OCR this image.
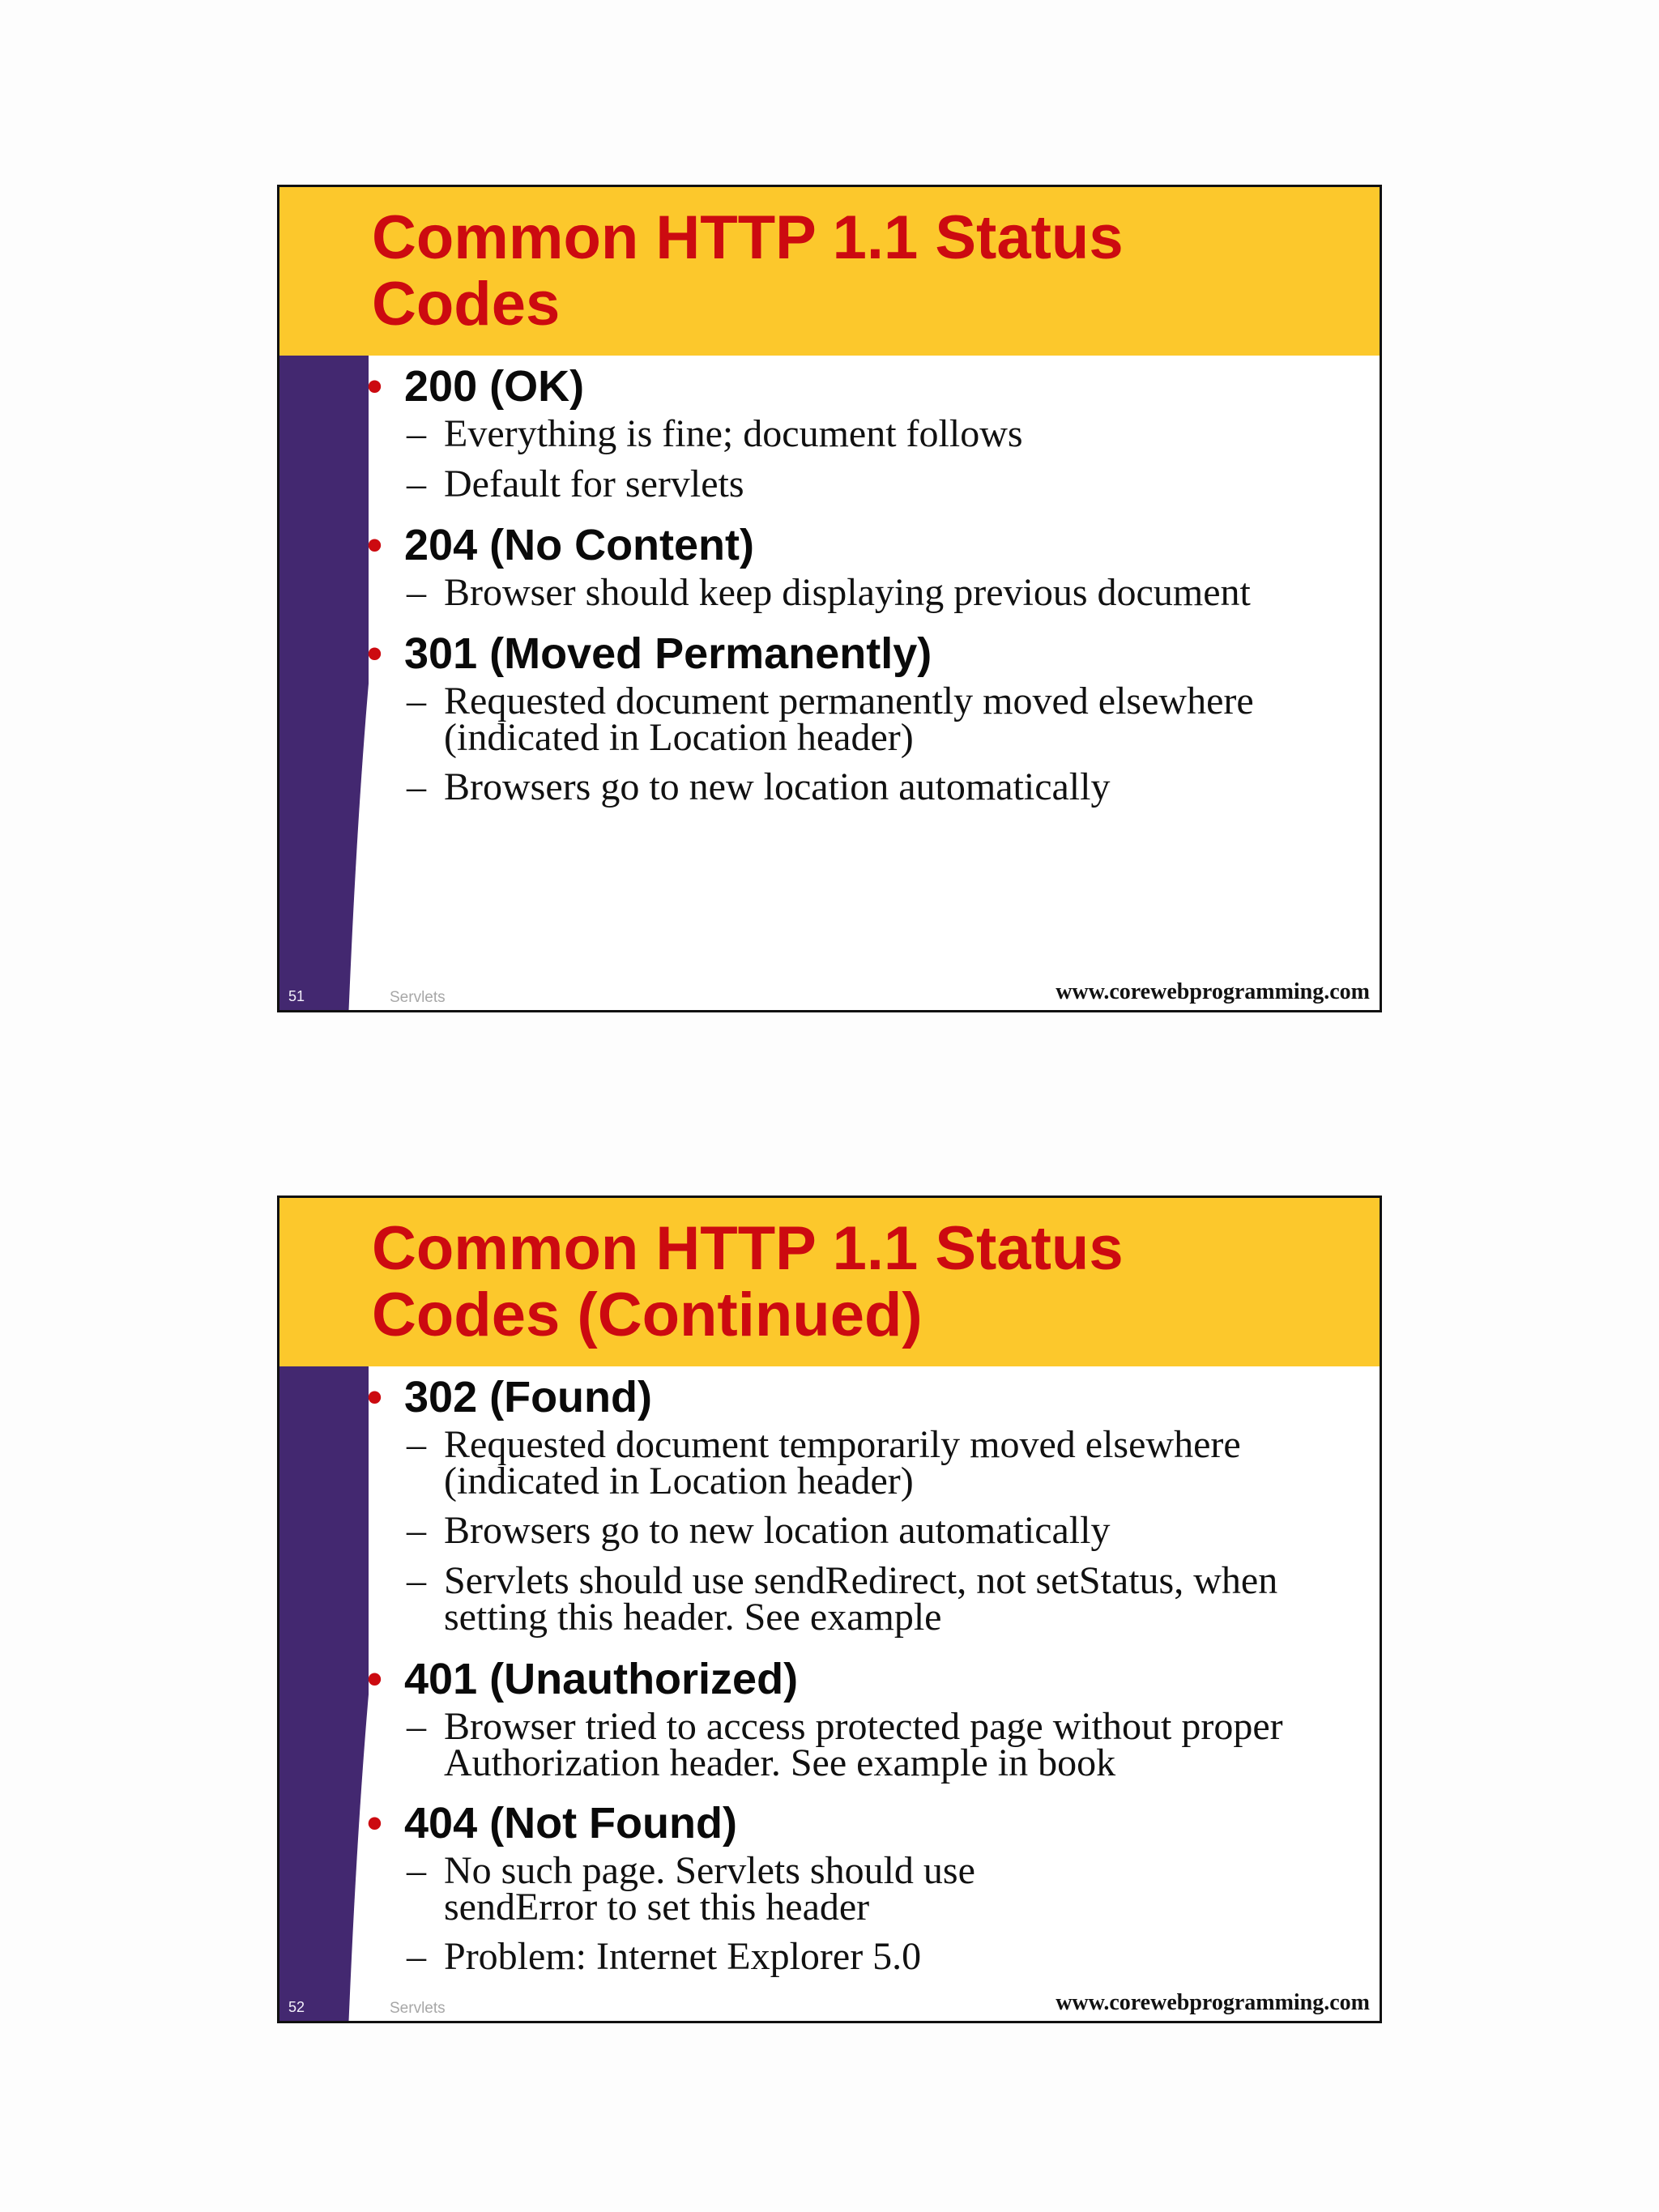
Common HTTP 1.1 Status
Codes
• 200 (OK)
– Everything is fine; document follows
– Default for servlets
• 204 (No Content)
– Browser should keep displaying previous document
• 301 (Moved Permanently)
– Requested document permanently moved elsewhere
(indicated in Location header)
– Browsers go to new location automatically
51	Servlets	www.corewebprogramming.com
Common HTTP 1.1 Status
Codes (Continued)
• 302 (Found)
– Requested document temporarily moved elsewhere
(indicated in Location header)
– Browsers go to new location automatically
– Servlets should use sendRedirect, not setStatus, when
setting this header. See example
• 401 (Unauthorized)
– Browser tried to access protected page without proper
Authorization header. See example in book
• 404 (Not Found)
– No such page. Servlets should use
sendError to set this header
– Problem: Internet Explorer 5.0
52	Servlets	www.corewebprogramming.com
